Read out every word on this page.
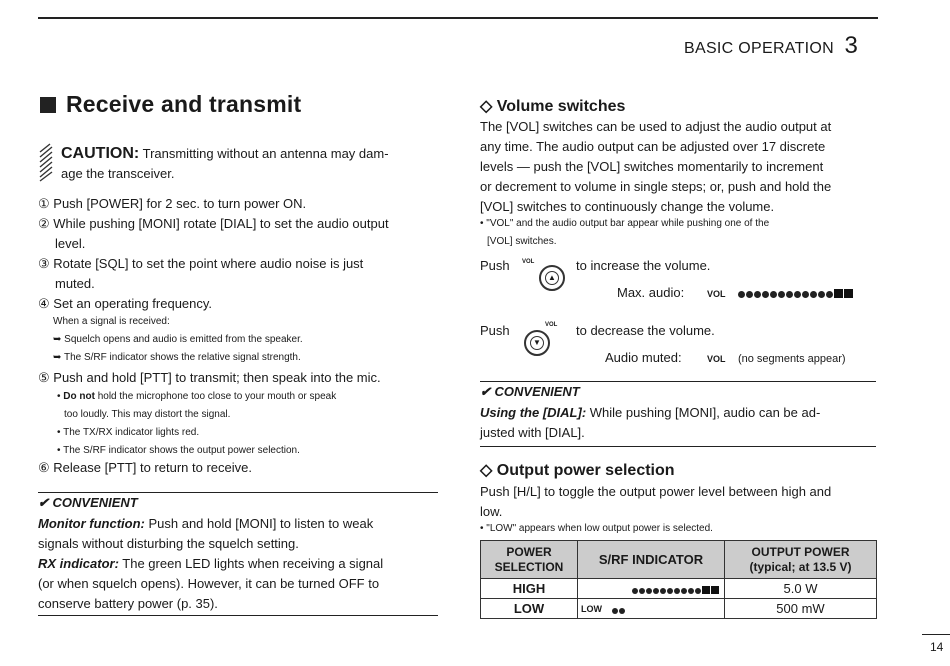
BASIC OPERATION 3
Receive and transmit
CAUTION: Transmitting without an antenna may dam-
age the transceiver.
① Push [POWER] for 2 sec. to turn power ON.
② While pushing [MONI] rotate [DIAL] to set the audio output
level.
③ Rotate [SQL] to set the point where audio noise is just
muted.
④ Set an operating frequency.
When a signal is received:
➥ Squelch opens and audio is emitted from the speaker.
➥ The S/RF indicator shows the relative signal strength.
⑤ Push and hold [PTT] to transmit; then speak into the mic.
• Do not hold the microphone too close to your mouth or speak
too loudly. This may distort the signal.
• The TX/RX indicator lights red.
• The S/RF indicator shows the output power selection.
⑥ Release [PTT] to return to receive.
✔ CONVENIENT
Monitor function: Push and hold [MONI] to listen to weak
signals without disturbing the squelch setting.
RX indicator: The green LED lights when receiving a signal
(or when squelch opens). However, it can be turned OFF to
conserve battery power (p. 35).
◇ Volume switches
The [VOL] switches can be used to adjust the audio output at
any time. The audio output can be adjusted over 17 discrete
levels — push the [VOL] switches momentarily to increment
or decrement to volume in single steps; or, push and hold the
[VOL] switches to continuously change the volume.
• "VOL" and the audio output bar appear while pushing one of the
[VOL] switches.
Push
▲
VOL	to increase the volume.
Max. audio:	VOL
Push
▼
VOL to decrease the volume.
Audio muted:	VOL (no segments appear)
✔ CONVENIENT
Using the [DIAL]: While pushing [MONI], audio can be ad-
justed with [DIAL].
◇ Output power selection
Push [H/L] to toggle the output power level between high and
low.
• "LOW" appears when low output power is selected.
POWER
SELECTION	S/RF INDICATOR	OUTPUT POWER
(typical; at 13.5 V)
HIGH		5.0 W
LOW	LOW	500 mW
14
